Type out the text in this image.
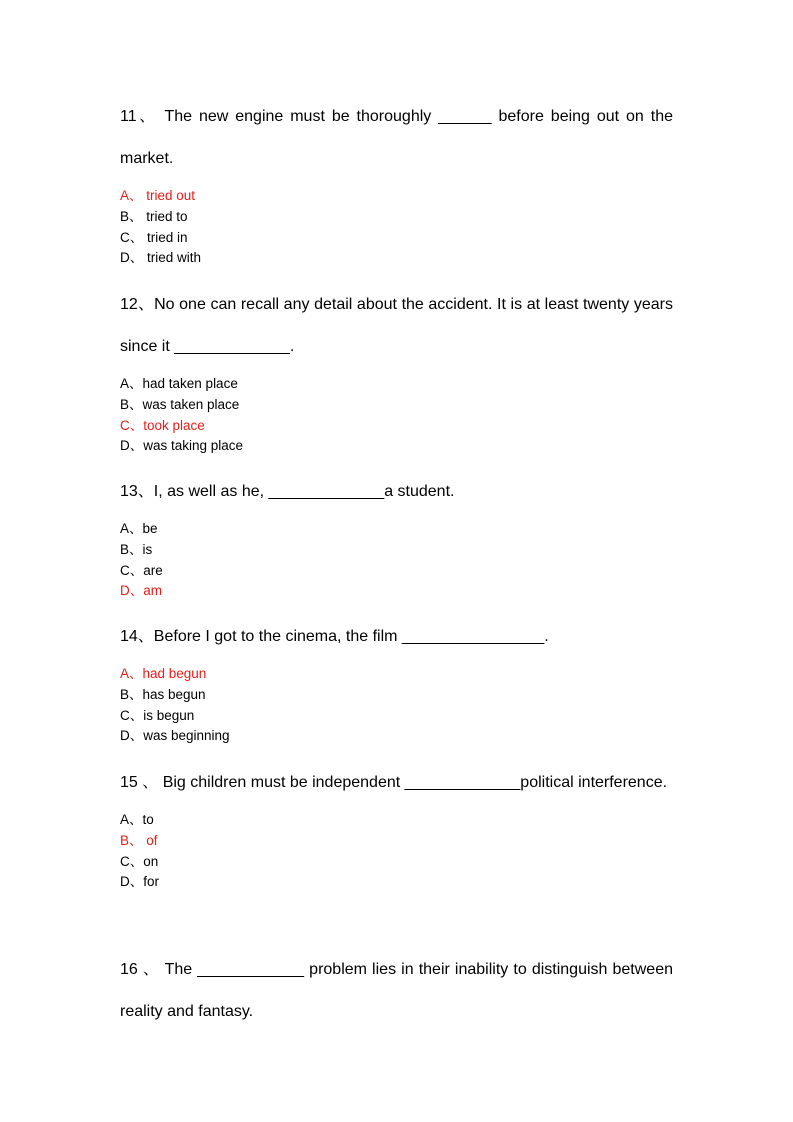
11、 The new engine must be thoroughly ______ before being out on the market.

A、 tried out

B、 tried to

C、 tried in

D、 tried with

12、No one can recall any detail about the accident. It is at least twenty years since it _____________.

A、had taken place

B、was taken place

C、took place

D、was taking place

13、I, as well as he, _____________a student.

A、be

B、is

C、are

D、am

14、Before I got to the cinema, the film ________________.

A、had begun

B、has begun

C、is begun

D、was beginning

15 、 Big children must be independent _____________political interference.

A、to

B、 of

C、on

D、for

16 、 The ____________ problem lies in their inability to distinguish between reality and fantasy.
